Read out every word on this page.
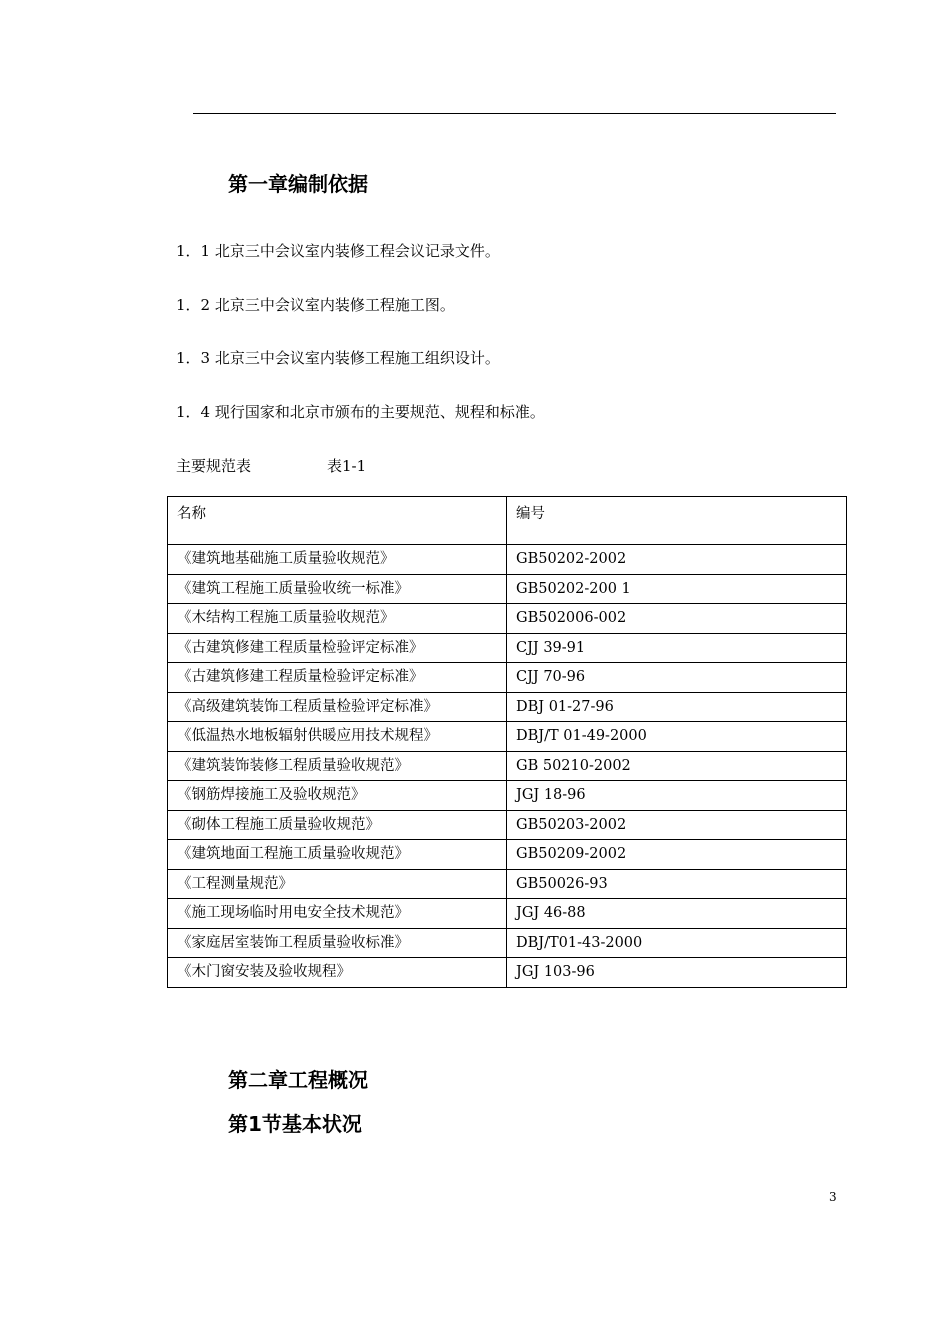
第一章编制依据
1．1 北京三中会议室内装修工程会议记录文件。
1．2 北京三中会议室内装修工程施工图。
1．3 北京三中会议室内装修工程施工组织设计。
1．4 现行国家和北京市颁布的主要规范、规程和标准。
主要规范表	表1-1
名称	编号
《建筑地基础施工质量验收规范》	GB50202-2002
《建筑工程施工质量验收统一标准》	GB50202-200 1
《木结构工程施工质量验收规范》	GB502006-002
《古建筑修建工程质量检验评定标准》	CJJ 39-91
《古建筑修建工程质量检验评定标准》	CJJ 70-96
《高级建筑装饰工程质量检验评定标准》	DBJ 01-27-96
《低温热水地板辐射供暖应用技术规程》	DBJ/T 01-49-2000
《建筑装饰装修工程质量验收规范》	GB 50210-2002
《钢筋焊接施工及验收规范》	JGJ 18-96
《砌体工程施工质量验收规范》	GB50203-2002
《建筑地面工程施工质量验收规范》	GB50209-2002
《工程测量规范》	GB50026-93
《施工现场临时用电安全技术规范》	JGJ 46-88
《家庭居室装饰工程质量验收标准》	DBJ/T01-43-2000
《木门窗安装及验收规程》	JGJ 103-96
第二章工程概况
第1节基本状况
3
